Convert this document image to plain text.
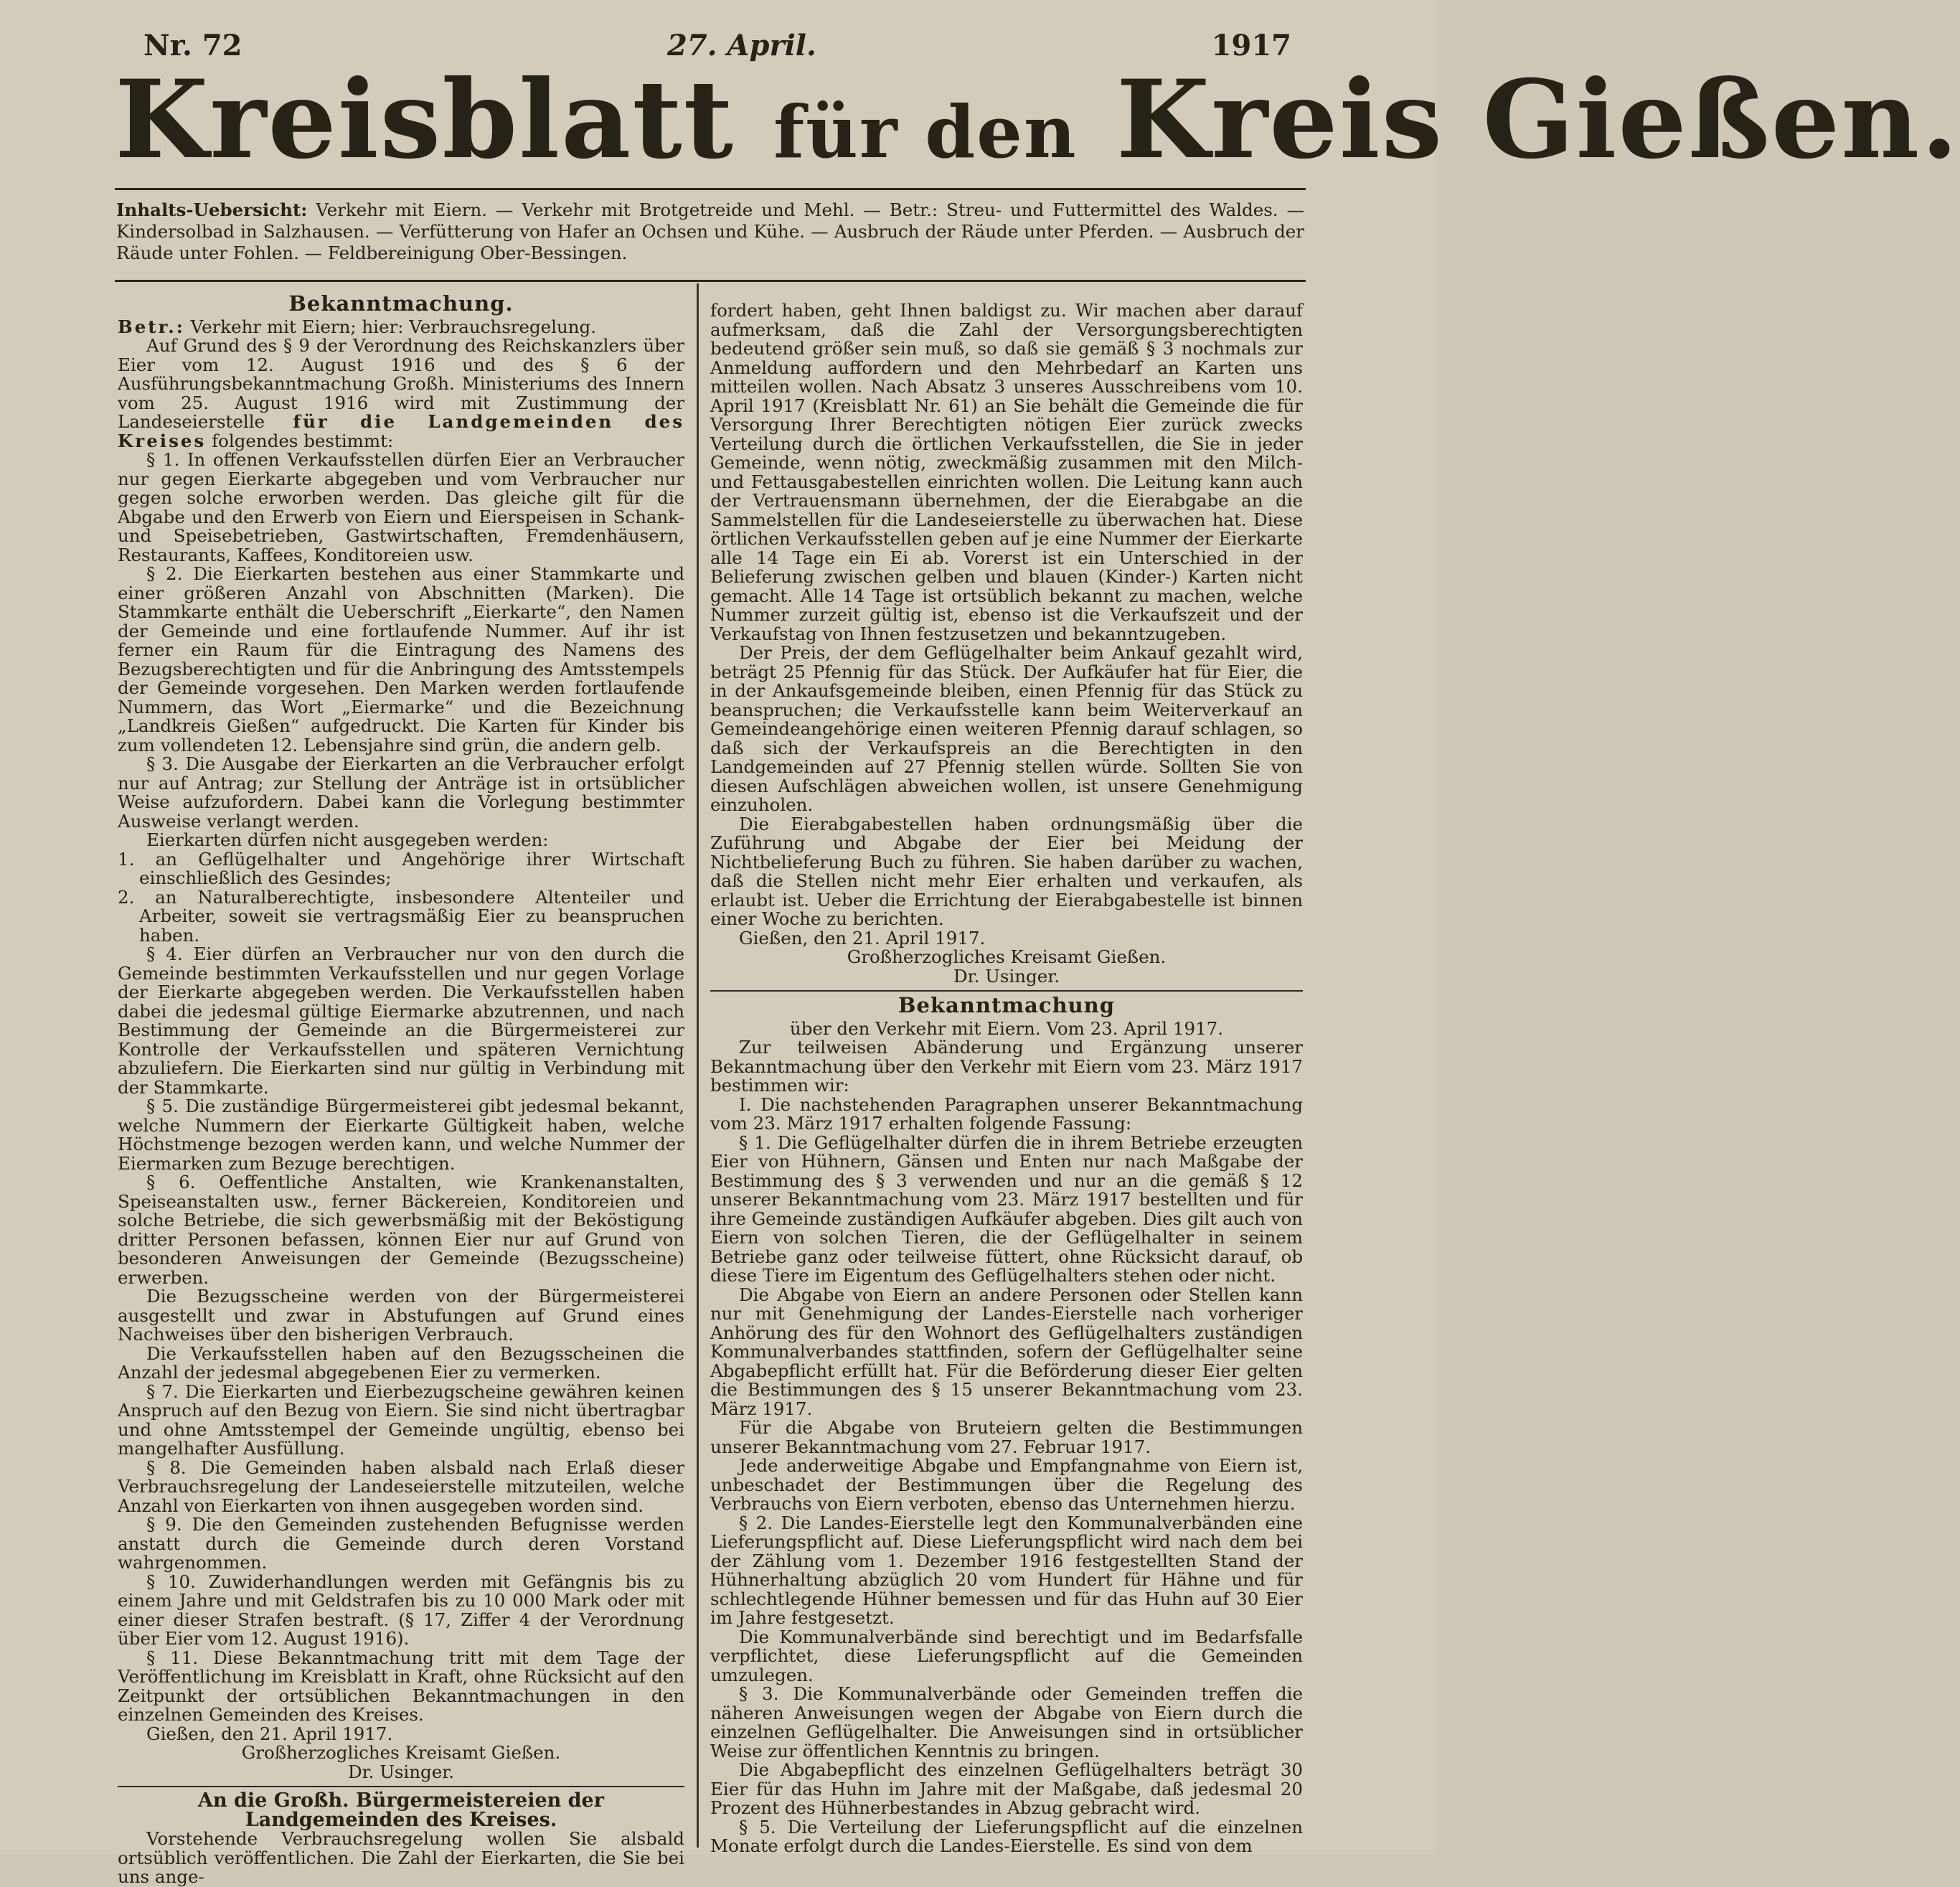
Nr. 72	27. April.	1917
Kreisblatt für den Kreis Gießen.
Inhalts-Uebersicht: Verkehr mit Eiern. — Verkehr mit Brotgetreide und Mehl. — Betr.: Streu- und Futtermittel des Waldes. — Kindersolbad in Salzhausen. — Verfütterung von Hafer an Ochsen und Kühe. — Ausbruch der Räude unter Pferden. — Ausbruch der Räude unter Fohlen. — Feldbereinigung Ober-Bessingen.
Bekanntmachung.

Betr.: Verkehr mit Eiern; hier: Verbrauchsregelung.

Auf Grund des § 9 der Verordnung des Reichskanzlers über Eier vom 12. August 1916 und des § 6 der Ausführungsbekanntmachung Großh. Ministeriums des Innern vom 25. August 1916 wird mit Zustimmung der Landeseierstelle für die Landgemeinden des Kreises folgendes bestimmt:

§ 1. In offenen Verkaufsstellen dürfen Eier an Verbraucher nur gegen Eierkarte abgegeben und vom Verbraucher nur gegen solche erworben werden. Das gleiche gilt für die Abgabe und den Erwerb von Eiern und Eierspeisen in Schank- und Speisebetrieben, Gastwirtschaften, Fremdenhäusern, Restaurants, Kaffees, Konditoreien usw.

§ 2. Die Eierkarten bestehen aus einer Stammkarte und einer größeren Anzahl von Abschnitten (Marken). Die Stammkarte enthält die Ueberschrift „Eierkarte“, den Namen der Gemeinde und eine fortlaufende Nummer. Auf ihr ist ferner ein Raum für die Eintragung des Namens des Bezugsberechtigten und für die Anbringung des Amtsstempels der Gemeinde vorgesehen. Den Marken werden fortlaufende Nummern, das Wort „Eiermarke“ und die Bezeichnung „Landkreis Gießen“ aufgedruckt. Die Karten für Kinder bis zum vollendeten 12. Lebensjahre sind grün, die andern gelb.

§ 3. Die Ausgabe der Eierkarten an die Verbraucher erfolgt nur auf Antrag; zur Stellung der Anträge ist in ortsüblicher Weise aufzufordern. Dabei kann die Vorlegung bestimmter Ausweise verlangt werden.

Eierkarten dürfen nicht ausgegeben werden:

1. an Geflügelhalter und Angehörige ihrer Wirtschaft einschließlich des Gesindes;

2. an Naturalberechtigte, insbesondere Altenteiler und Arbeiter, soweit sie vertragsmäßig Eier zu beanspruchen haben.

§ 4. Eier dürfen an Verbraucher nur von den durch die Gemeinde bestimmten Verkaufsstellen und nur gegen Vorlage der Eierkarte abgegeben werden. Die Verkaufsstellen haben dabei die jedesmal gültige Eiermarke abzutrennen, und nach Bestimmung der Gemeinde an die Bürgermeisterei zur Kontrolle der Verkaufsstellen und späteren Vernichtung abzuliefern. Die Eierkarten sind nur gültig in Verbindung mit der Stammkarte.

§ 5. Die zuständige Bürgermeisterei gibt jedesmal bekannt, welche Nummern der Eierkarte Gültigkeit haben, welche Höchstmenge bezogen werden kann, und welche Nummer der Eiermarken zum Bezuge berechtigen.

§ 6. Oeffentliche Anstalten, wie Krankenanstalten, Speiseanstalten usw., ferner Bäckereien, Konditoreien und solche Betriebe, die sich gewerbsmäßig mit der Beköstigung dritter Personen befassen, können Eier nur auf Grund von besonderen Anweisungen der Gemeinde (Bezugsscheine) erwerben.

Die Bezugsscheine werden von der Bürgermeisterei ausgestellt und zwar in Abstufungen auf Grund eines Nachweises über den bisherigen Verbrauch.

Die Verkaufsstellen haben auf den Bezugsscheinen die Anzahl der jedesmal abgegebenen Eier zu vermerken.

§ 7. Die Eierkarten und Eierbezugscheine gewähren keinen Anspruch auf den Bezug von Eiern. Sie sind nicht übertragbar und ohne Amtsstempel der Gemeinde ungültig, ebenso bei mangelhafter Ausfüllung.

§ 8. Die Gemeinden haben alsbald nach Erlaß dieser Verbrauchsregelung der Landeseierstelle mitzuteilen, welche Anzahl von Eierkarten von ihnen ausgegeben worden sind.

§ 9. Die den Gemeinden zustehenden Befugnisse werden anstatt durch die Gemeinde durch deren Vorstand wahrgenommen.

§ 10. Zuwiderhandlungen werden mit Gefängnis bis zu einem Jahre und mit Geldstrafen bis zu 10 000 Mark oder mit einer dieser Strafen bestraft. (§ 17, Ziffer 4 der Verordnung über Eier vom 12. August 1916).

§ 11. Diese Bekanntmachung tritt mit dem Tage der Veröffentlichung im Kreisblatt in Kraft, ohne Rücksicht auf den Zeitpunkt der ortsüblichen Bekanntmachungen in den einzelnen Gemeinden des Kreises.

Gießen, den 21. April 1917.

Großherzogliches Kreisamt Gießen.

Dr. Usinger.

An die Großh. Bürgermeistereien der Landgemeinden des Kreises.

Vorstehende Verbrauchsregelung wollen Sie alsbald ortsüblich veröffentlichen. Die Zahl der Eierkarten, die Sie bei uns ange-

fordert haben, geht Ihnen baldigst zu. Wir machen aber darauf aufmerksam, daß die Zahl der Versorgungsberechtigten bedeutend größer sein muß, so daß sie gemäß § 3 nochmals zur Anmeldung auffordern und den Mehrbedarf an Karten uns mitteilen wollen. Nach Absatz 3 unseres Ausschreibens vom 10. April 1917 (Kreisblatt Nr. 61) an Sie behält die Gemeinde die für Versorgung Ihrer Berechtigten nötigen Eier zurück zwecks Verteilung durch die örtlichen Verkaufsstellen, die Sie in jeder Gemeinde, wenn nötig, zweckmäßig zusammen mit den Milch- und Fettausgabestellen einrichten wollen. Die Leitung kann auch der Vertrauensmann übernehmen, der die Eierabgabe an die Sammelstellen für die Landeseierstelle zu überwachen hat. Diese örtlichen Verkaufsstellen geben auf je eine Nummer der Eierkarte alle 14 Tage ein Ei ab. Vorerst ist ein Unterschied in der Belieferung zwischen gelben und blauen (Kinder-) Karten nicht gemacht. Alle 14 Tage ist ortsüblich bekannt zu machen, welche Nummer zurzeit gültig ist, ebenso ist die Verkaufszeit und der Verkaufstag von Ihnen festzusetzen und bekanntzugeben.

Der Preis, der dem Geflügelhalter beim Ankauf gezahlt wird, beträgt 25 Pfennig für das Stück. Der Aufkäufer hat für Eier, die in der Ankaufsgemeinde bleiben, einen Pfennig für das Stück zu beanspruchen; die Verkaufsstelle kann beim Weiterverkauf an Gemeindeangehörige einen weiteren Pfennig darauf schlagen, so daß sich der Verkaufspreis an die Berechtigten in den Landgemeinden auf 27 Pfennig stellen würde. Sollten Sie von diesen Aufschlägen abweichen wollen, ist unsere Genehmigung einzuholen.

Die Eierabgabestellen haben ordnungsmäßig über die Zuführung und Abgabe der Eier bei Meidung der Nichtbelieferung Buch zu führen. Sie haben darüber zu wachen, daß die Stellen nicht mehr Eier erhalten und verkaufen, als erlaubt ist. Ueber die Errichtung der Eierabgabestelle ist binnen einer Woche zu berichten.

Gießen, den 21. April 1917.

Großherzogliches Kreisamt Gießen.

Dr. Usinger.

Bekanntmachung

über den Verkehr mit Eiern. Vom 23. April 1917.

Zur teilweisen Abänderung und Ergänzung unserer Bekanntmachung über den Verkehr mit Eiern vom 23. März 1917 bestimmen wir:

I. Die nachstehenden Paragraphen unserer Bekanntmachung vom 23. März 1917 erhalten folgende Fassung:

§ 1. Die Geflügelhalter dürfen die in ihrem Betriebe erzeugten Eier von Hühnern, Gänsen und Enten nur nach Maßgabe der Bestimmung des § 3 verwenden und nur an die gemäß § 12 unserer Bekanntmachung vom 23. März 1917 bestellten und für ihre Gemeinde zuständigen Aufkäufer abgeben. Dies gilt auch von Eiern von solchen Tieren, die der Geflügelhalter in seinem Betriebe ganz oder teilweise füttert, ohne Rücksicht darauf, ob diese Tiere im Eigentum des Geflügelhalters stehen oder nicht.

Die Abgabe von Eiern an andere Personen oder Stellen kann nur mit Genehmigung der Landes-Eierstelle nach vorheriger Anhörung des für den Wohnort des Geflügelhalters zuständigen Kommunalverbandes stattfinden, sofern der Geflügelhalter seine Abgabepflicht erfüllt hat. Für die Beförderung dieser Eier gelten die Bestimmungen des § 15 unserer Bekanntmachung vom 23. März 1917.

Für die Abgabe von Bruteiern gelten die Bestimmungen unserer Bekanntmachung vom 27. Februar 1917.

Jede anderweitige Abgabe und Empfangnahme von Eiern ist, unbeschadet der Bestimmungen über die Regelung des Verbrauchs von Eiern verboten, ebenso das Unternehmen hierzu.

§ 2. Die Landes-Eierstelle legt den Kommunalverbänden eine Lieferungspflicht auf. Diese Lieferungspflicht wird nach dem bei der Zählung vom 1. Dezember 1916 festgestellten Stand der Hühnerhaltung abzüglich 20 vom Hundert für Hähne und für schlechtlegende Hühner bemessen und für das Huhn auf 30 Eier im Jahre festgesetzt.

Die Kommunalverbände sind berechtigt und im Bedarfsfalle verpflichtet, diese Lieferungspflicht auf die Gemeinden umzulegen.

§ 3. Die Kommunalverbände oder Gemeinden treffen die näheren Anweisungen wegen der Abgabe von Eiern durch die einzelnen Geflügelhalter. Die Anweisungen sind in ortsüblicher Weise zur öffentlichen Kenntnis zu bringen.

Die Abgabepflicht des einzelnen Geflügelhalters beträgt 30 Eier für das Huhn im Jahre mit der Maßgabe, daß jedesmal 20 Prozent des Hühnerbestandes in Abzug gebracht wird.

§ 5. Die Verteilung der Lieferungspflicht auf die einzelnen Monate erfolgt durch die Landes-Eierstelle. Es sind von dem
